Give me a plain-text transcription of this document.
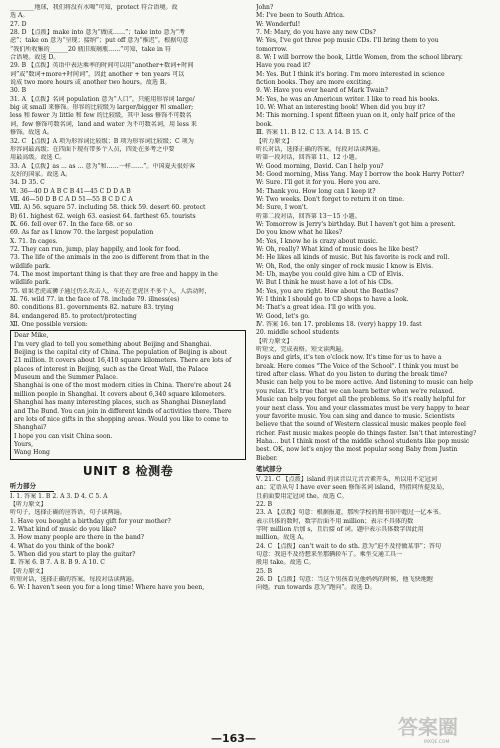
________地球，我们将没有水喝”可知，protect 符合语境。故
选 A。
27. D
28. D 【点拨】make into 意为“做成……”；take into 意为“考
虑”；take on 意为“呈现；接纳”；put off 意为“推迟”。根据句意
“我们所收集的______20 瓶旧玻璃瓶……”可知，take in 符
合语境。故选 D。
29. B 【点拨】英语中表达乘率的时间可以用“another+数词+时间
词”或“数词+more+时间词”，因此 another + ten years 可以
说成 two more hours 或 another two hours。故选 B。
30. B
31. A 【点拨】名词 population 意为“人口”，只能用形容词 large/
big 或 small 来修饰。形容的比较级为 larger/bigger 和 smaller;
less 和 fewer 为 little 和 few 的比较级，其中 less 修饰不可数名
词，few 修饰可数名词，land and water 为不可数名词，用 less 来
修饰。故选 A。
32. C 【点拨】A 项为形容词比较级；B 项为形容词比较级；C 项为
形容词最高级；在四面下现有带多个人员，四处在多考之中要
用最高级。故选 C。
33. A 【点拨】as ... as ... 意为“和……一样……”。中国夏天很好客
友好的国家。故选 A。
34. D 35. C
Ⅵ. 36—40 D A B C B 41—45 C D D A B
Ⅶ. 46—50 D B C A D 51—55 B C D C A
Ⅷ. A) 56. square 57. including 58. thick 59. desert 60. protect
B) 61. highest 62. weigh 63. easiest 64. farthest 65. tourists
Ⅸ. 66. fell over 67. In the face 68. or so
69. As far as I know 70. the largest population
Ⅹ. 71. In cages.
72. They can run, jump, play happily, and look for food.
73. The life of the animals in the zoo is different from that in the
wildlife park.
74. The most important thing is that they are free and happy in the
wildlife park.
75. 如果老虎或狮子通过仍么攻击人，车还在老虎区不多个人，人活动时，
Ⅺ. 76. wild 77. in the face of 78. include 79. illness(es)
80. conditions 81. governments 82. nature 83. trying
84. endangered 85. to protect/protecting
Ⅻ. One possible version:
Dear Mike,
I'm very glad to tell you something about Beijing and Shanghai.
Beijing is the capital city of China. The population of Beijing is about
21 million. It covers about 16,410 square kilometers. There are lots of
places of interest in Beijing, such as the Great Wall, the Palace
Museum and the Summer Palace.
Shanghai is one of the most modern cities in China. There're about 24
million people in Shanghai. It covers about 6,340 square kilometers.
Shanghai has many interesting places, such as Shanghai Disneyland
and The Bund. You can join in different kinds of activities there. There
are lots of nice gifts in the shopping areas. Would you like to come to
Shanghai?
I hope you can visit China soon.
Yours,
Wang Hong
UNIT 8 检测卷
听力部分
Ⅰ. 1. 答案 1. B 2. A 3. D 4. C 5. A
【听力原文】
听句子，选择正确的应答语，句子读两遍。
1. Have you bought a birthday gift for your mother?
2. What kind of music do you like?
3. How many people are there in the band?
4. What do you think of the book?
5. When did you start to play the guitar?
Ⅱ. 答案 6. B 7. A 8. B 9. A 10. C
【听力原文】
听短对话，选择正确的答案。每段对话读两遍。
6. W: I haven't seen you for a long time! Where have you been,
John?
M: I've been to South Africa.
W: Wonderful!
7. M: Mary, do you have any new CDs?
W: Yes, I've got three pop music CDs. I'll bring them to you
tomorrow.
8. W: I will borrow the book, Little Women, from the school library.
Have you read it?
M: Yes. But I think it's boring. I'm more interested in science
fiction books. They are more exciting.
9. W: Have you ever heard of Mark Twain?
M: Yes, he was an American writer. I like to read his books.
10. W: What an interesting book! When did you buy it?
M: This morning. I spent fifteen yuan on it, only half price of the
book.
Ⅲ. 答案 11. B 12. C 13. A 14. B 15. C
【听力原文】
听长对话，选择正确的答案。每段对话读两遍。
听第一段对话，回答第 11、12 小题。
W: Good morning, David. Can I help you?
M: Good morning, Miss Yang. May I borrow the book Harry Potter?
W: Sure. I'll get it for you. Here you are.
M: Thank you. How long can I keep it?
W: Two weeks. Don't forget to return it on time.
M: Sure, I won't.
听第二段对话，回答第 13～15 小题。
W: Tomorrow is Jerry's birthday. But I haven't got him a present.
Do you know what he likes?
M: Yes, I know he is crazy about music.
W: Oh, really? What kind of music does he like best?
M: He likes all kinds of music. But his favorite is rock and roll.
W: Oh, Rod, the only singer of rock music I know is Elvis.
M: Uh, maybe you could give him a CD of Elvis.
W: But I think he must have a lot of his CDs.
M: Yes, you are right. How about the Beatles?
W: I think I should go to CD shops to have a look.
M: That's a great idea. I'll go with you.
W: Good, let's go.
Ⅳ. 答案 16. ten 17. problems 18. (very) happy 19. fast
20. middle school students
【听力原文】
听短文，完成表格。短文读两遍。
Boys and girls, it's ten o'clock now. It's time for us to have a
break. Here comes "The Voice of the School". I think you must be
tired after class. What do you listen to during the break time?
Music can help you to be more active. And listening to music can help
you relax. It's true that we can learn better when we're relaxed.
Music can help you forget all the problems. So it's really helpful for
your next class. You and your classmates must be very happy to hear
your favorite music. You can sing and dance to music. Scientists
believe that the sound of Western classical music makes people feel
richer. Fast music makes people do things faster. Isn't that interesting?
Haha... but I think most of the middle school students like pop music
best. OK, now let's enjoy the most popular song Baby from Justin
Bieber.
笔试部分
Ⅴ. 21. C 【点拨】island 的读音以元音音素开头，所以用不定冠词
an；定语从句 I have ever seen 修饰名词 island，特指问所提及岛，
且前面要用定冠词 the。故选 C。
22. B
23. A 【点拨】句意：根据报道，那所学校的图书馆中超过一亿本书。
表示具体的数时，数字后面不用 million；表示不具体的数
字时 million 后加 s，且后接 of 词。题中表示具体数字因此用
million。故选 A。
24. C 【点拨】can't wait to do sth. 意为“迫不及待做某事”；答句
句意：我迫不及待想来坐那辆轿车了。乘坐交通工具一
般用 take。故选 C。
25. B
26. D 【点拨】句意：当这个男孩看见他妈妈的时候，他飞快地跑
向她。run towards 意为“跑向”。故选 D。
—163—	答案圈
MXQE.COM
